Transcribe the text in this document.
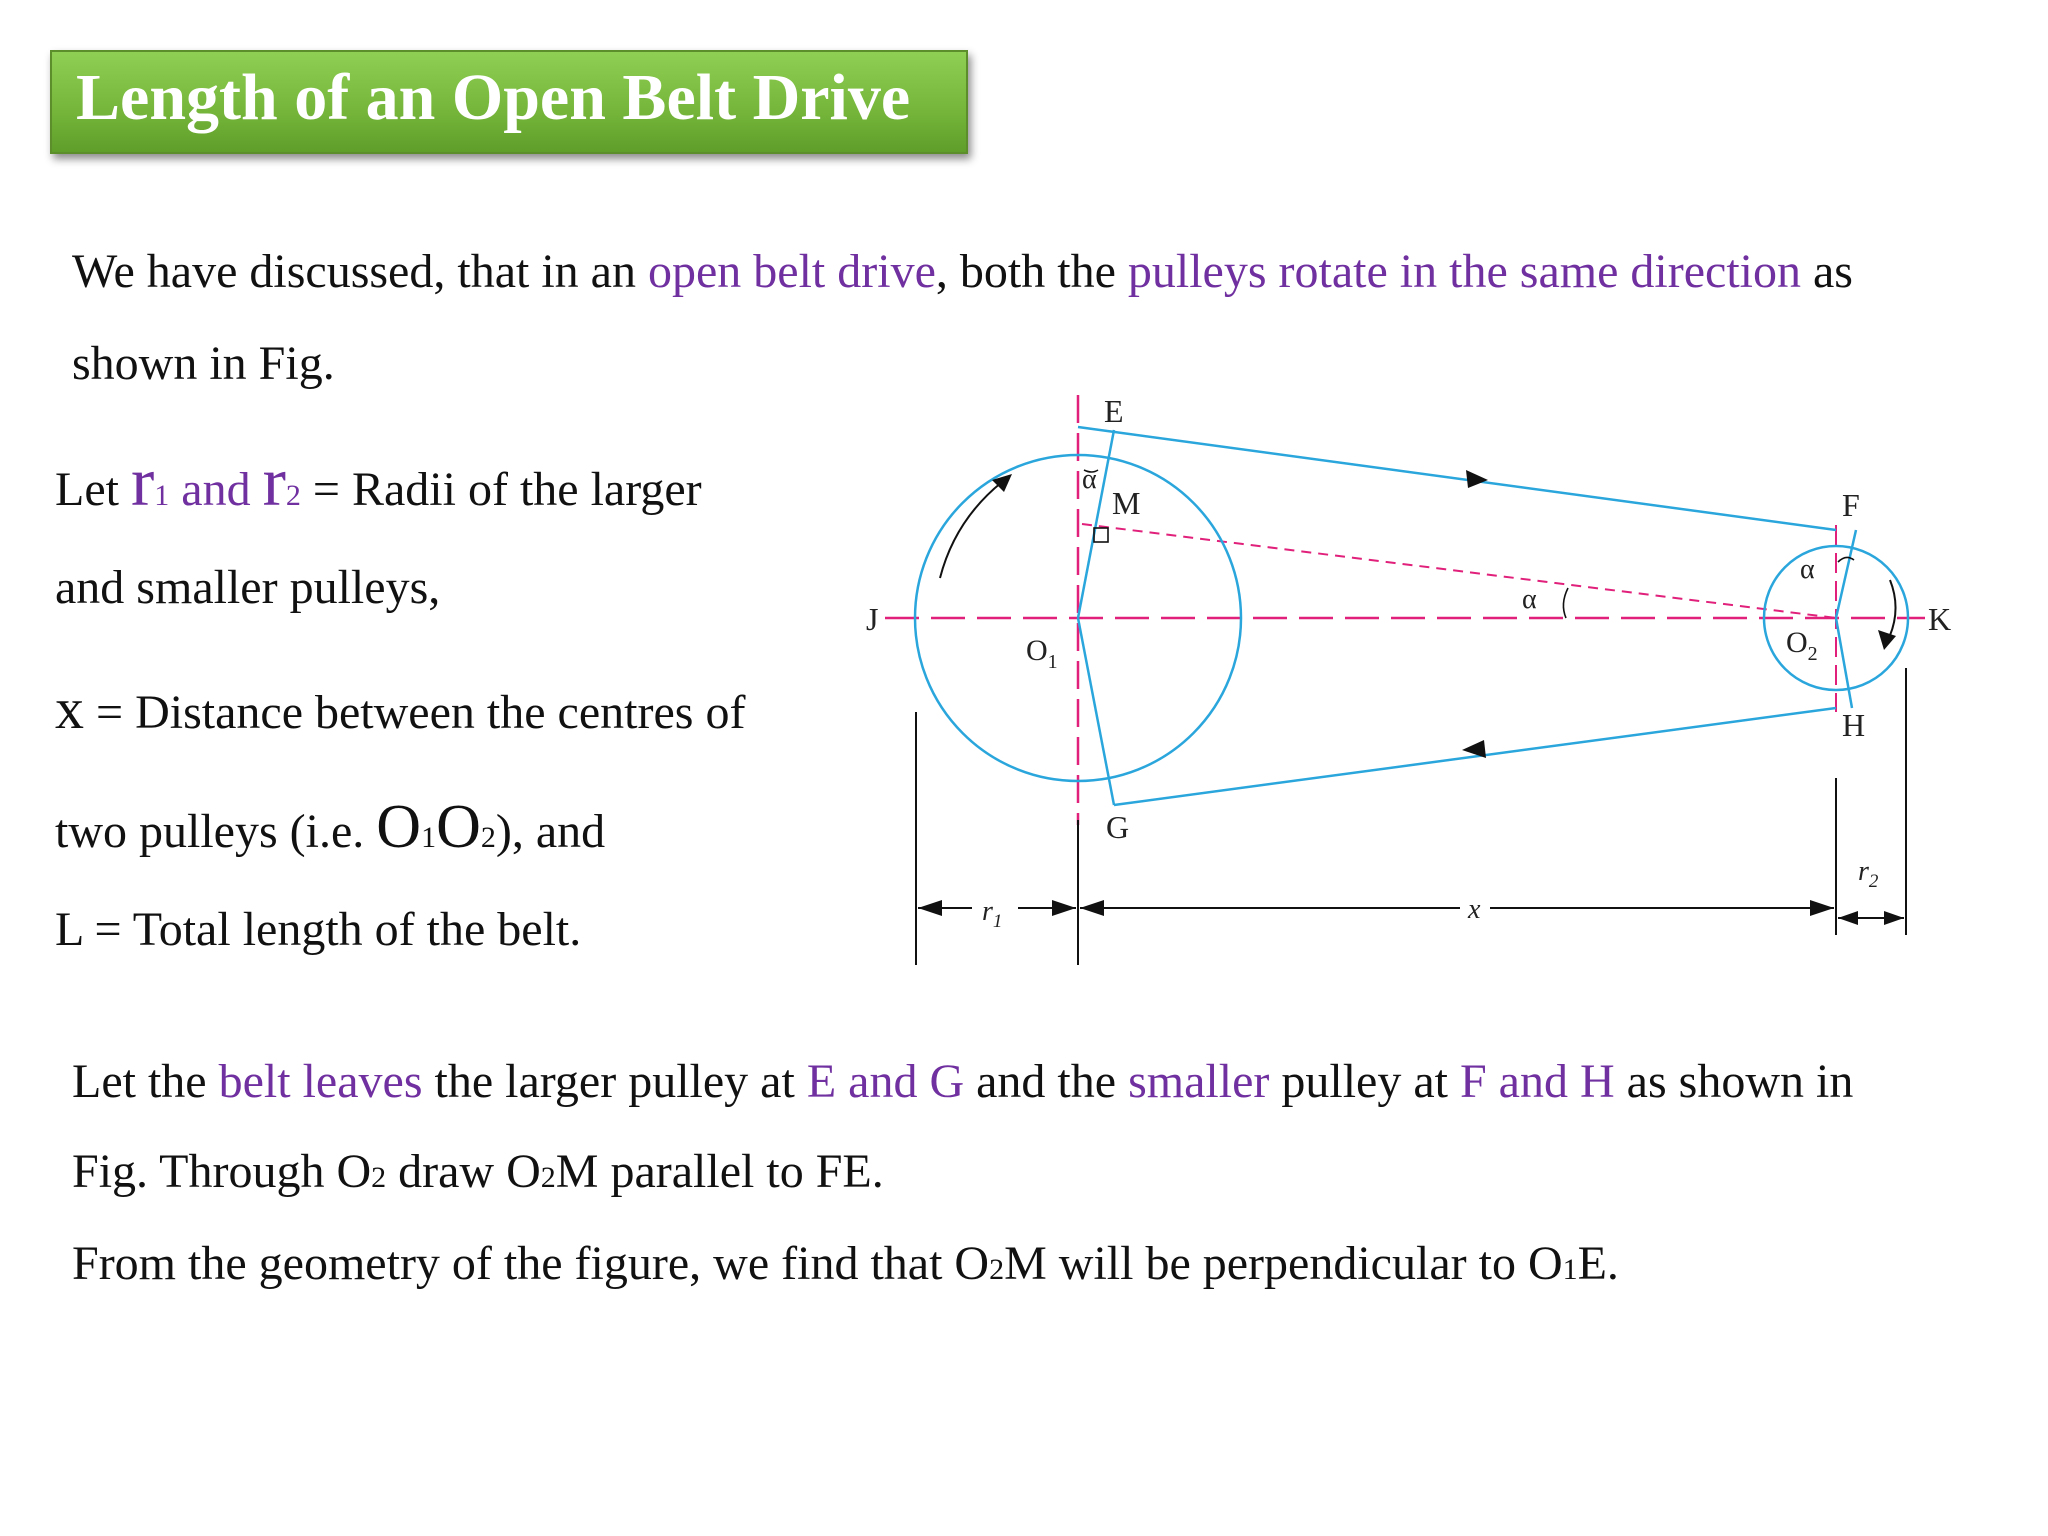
Length of an Open Belt Drive
We have discussed, that in an open belt drive, both the pulleys rotate in the same direction as
shown in Fig.
Let r1 and r2 = Radii of the larger
and smaller pulleys,
x = Distance between the centres of
two pulleys (i.e. O1O2), and
L = Total length of the belt.
E
M	F
J	K
G
H
$O_1$
$O_2$
α
α
α
$r_1$	x
$r_2$
Let the belt leaves the larger pulley at E and G and the smaller pulley at F and H as shown in
Fig. Through O2 draw O2M parallel to FE.
From the geometry of the figure, we find that O2M will be perpendicular to O1E.
